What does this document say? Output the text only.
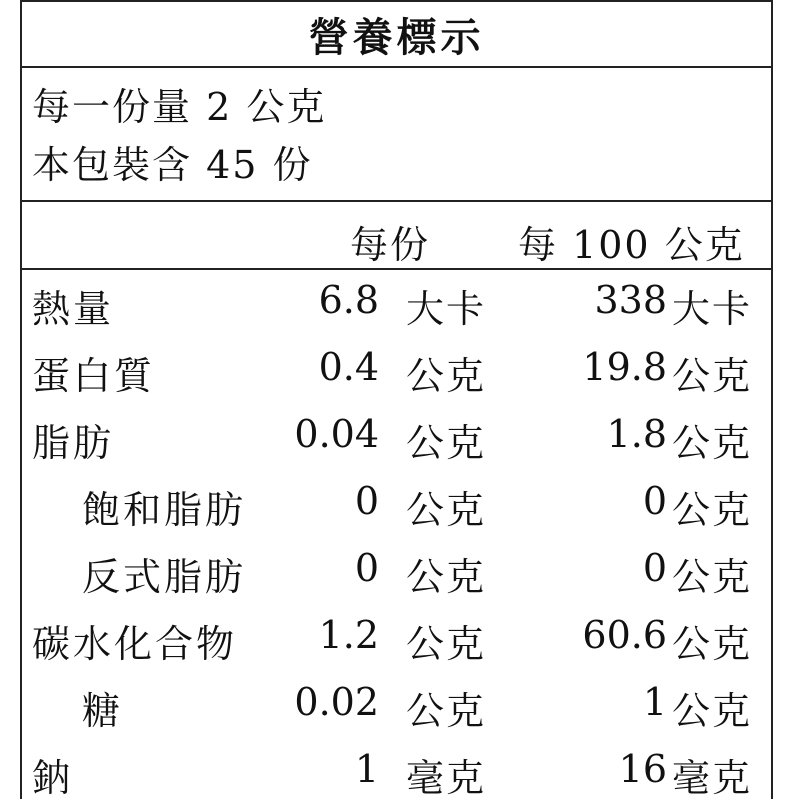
營養標示
每一份量 2 公克
本包裝含 45 份
每份 每 100 公克
熱量	6.8 大卡	338 大卡
蛋白質	0.4 公克	19.8 公克
脂肪	0.04 公克	1.8 公克
飽和脂肪	0 公克	0 公克
反式脂肪	0 公克	0 公克
碳水化合物 1.2 公克	60.6 公克
糖	0.02 公克	1 公克
鈉	1 毫克	16 毫克
